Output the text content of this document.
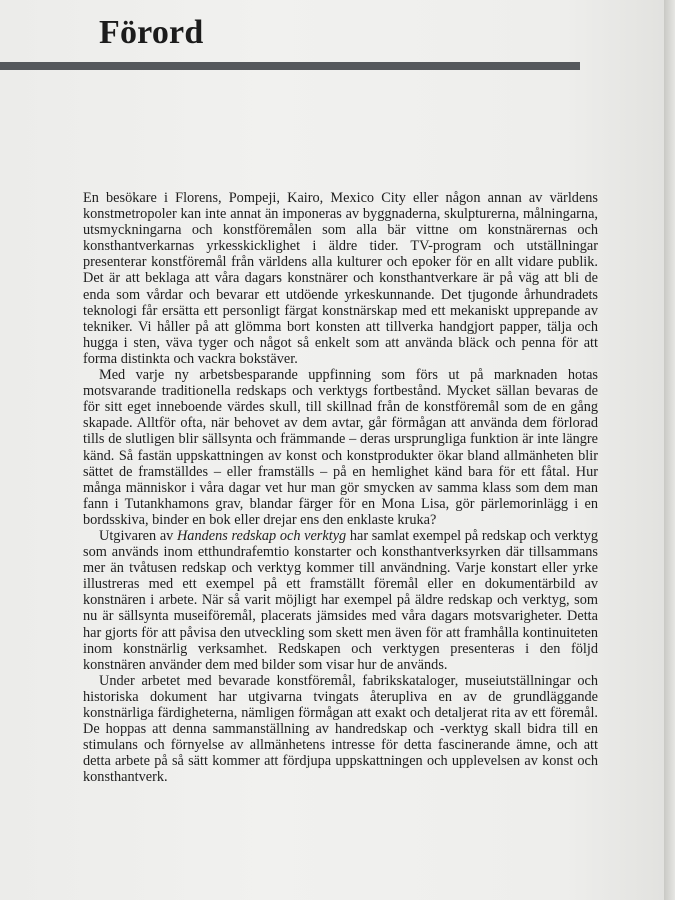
Förord

En besökare i Florens, Pompeji, Kairo, Mexico City eller någon annan av världens konstmetropoler kan inte annat än imponeras av byggnaderna, skulpturerna, målningarna, utsmyckningarna och konstföremålen som alla bär vittne om konstnärernas och konsthantverkarnas yrkesskicklighet i äldre tider. TV-program och utställningar presenterar konstföremål från världens alla kulturer och epoker för en allt vidare publik. Det är att beklaga att våra dagars konstnärer och konsthantverkare är på väg att bli de enda som vårdar och bevarar ett utdöende yrkeskunnande. Det tjugonde århundradets teknologi får ersätta ett personligt färgat konstnärskap med ett mekaniskt upprepande av tekniker. Vi håller på att glömma bort konsten att tillverka handgjort papper, tälja och hugga i sten, väva tyger och något så enkelt som att använda bläck och penna för att forma distinkta och vackra bokstäver.

Med varje ny arbetsbesparande uppfinning som förs ut på marknaden hotas motsvarande traditionella redskaps och verktygs fortbestånd. Mycket sällan bevaras de för sitt eget inneboende värdes skull, till skillnad från de konstföremål som de en gång skapade. Alltför ofta, när behovet av dem avtar, går förmågan att använda dem förlorad tills de slutligen blir sällsynta och främmande – deras ursprungliga funktion är inte längre känd. Så fastän uppskattningen av konst och konstprodukter ökar bland allmänheten blir sättet de framställdes – eller framställs – på en hemlighet känd bara för ett fåtal. Hur många människor i våra dagar vet hur man gör smycken av samma klass som dem man fann i Tutankhamons grav, blandar färger för en Mona Lisa, gör pärlemorinlägg i en bordsskiva, binder en bok eller drejar ens den enklaste kruka?

Utgivaren av Handens redskap och verktyg har samlat exempel på redskap och verktyg som används inom etthundrafemtio konstarter och konsthantverksyrken där tillsammans mer än tvåtusen redskap och verktyg kommer till användning. Varje konstart eller yrke illustreras med ett exempel på ett framställt föremål eller en dokumentärbild av konstnären i arbete. När så varit möjligt har exempel på äldre redskap och verktyg, som nu är sällsynta museiföremål, placerats jämsides med våra dagars motsvarigheter. Detta har gjorts för att påvisa den utveckling som skett men även för att framhålla kontinuiteten inom konstnärlig verksamhet. Redskapen och verktygen presenteras i den följd konstnären använder dem med bilder som visar hur de används.

Under arbetet med bevarade konstföremål, fabrikskataloger, museiutställningar och historiska dokument har utgivarna tvingats återupliva en av de grundläggande konstnärliga färdigheterna, nämligen förmågan att exakt och detaljerat rita av ett föremål. De hoppas att denna sammanställning av handredskap och -verktyg skall bidra till en stimulans och förnyelse av allmänhetens intresse för detta fascinerande ämne, och att detta arbete på så sätt kommer att fördjupa uppskattningen och upplevelsen av konst och konsthantverk.
